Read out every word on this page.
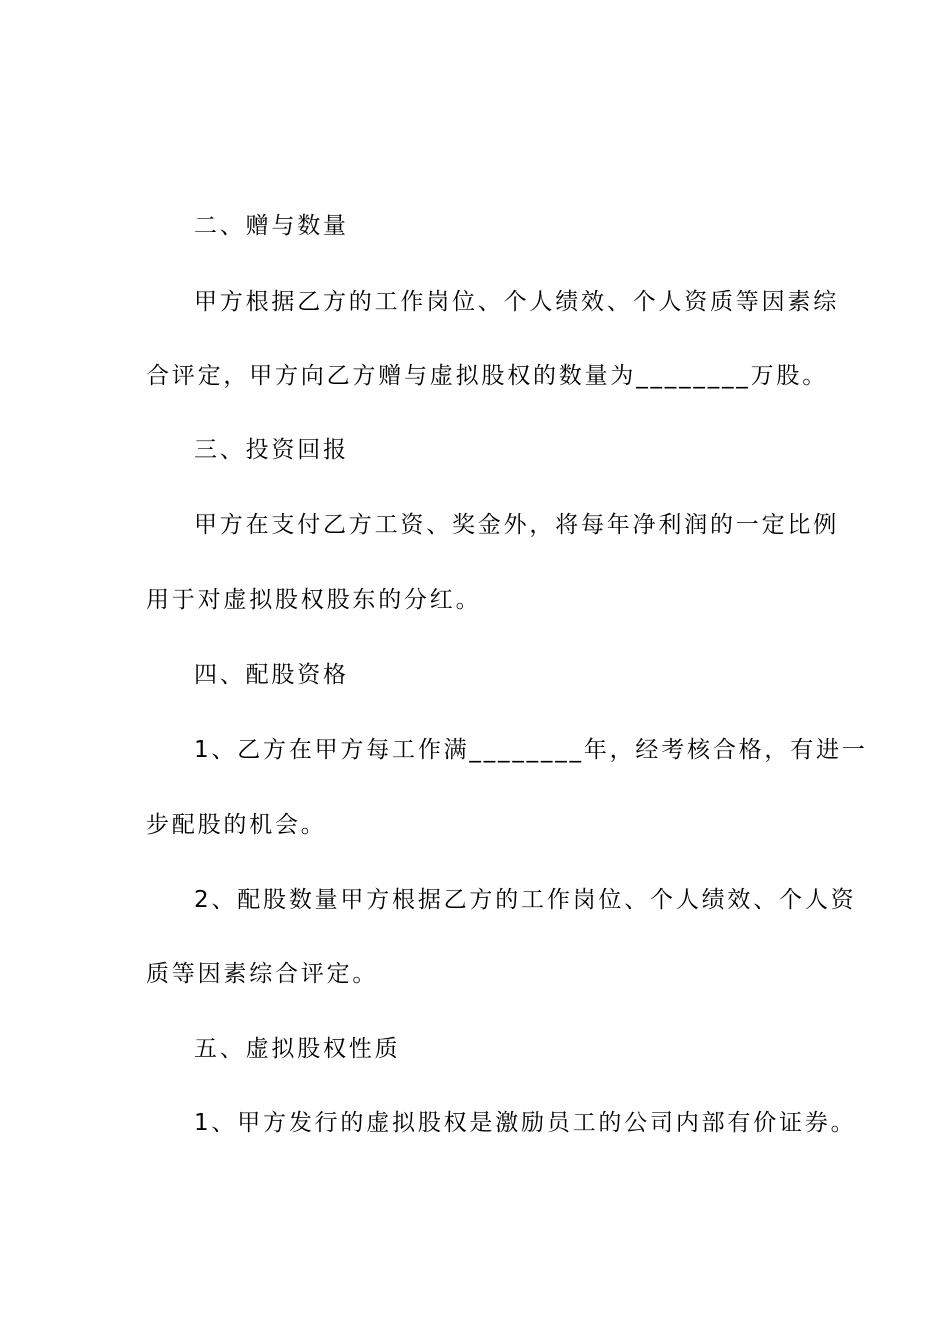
二、赠与数量
甲方根据乙方的工作岗位、个人绩效、个人资质等因素综
合评定，甲方向乙方赠与虚拟股权的数量为________万股。
三、投资回报
甲方在支付乙方工资、奖金外，将每年净利润的一定比例
用于对虚拟股权股东的分红。
四、配股资格
1、乙方在甲方每工作满________年，经考核合格，有进一
步配股的机会。
2、配股数量甲方根据乙方的工作岗位、个人绩效、个人资
质等因素综合评定。
五、虚拟股权性质
1、甲方发行的虚拟股权是激励员工的公司内部有价证券。
